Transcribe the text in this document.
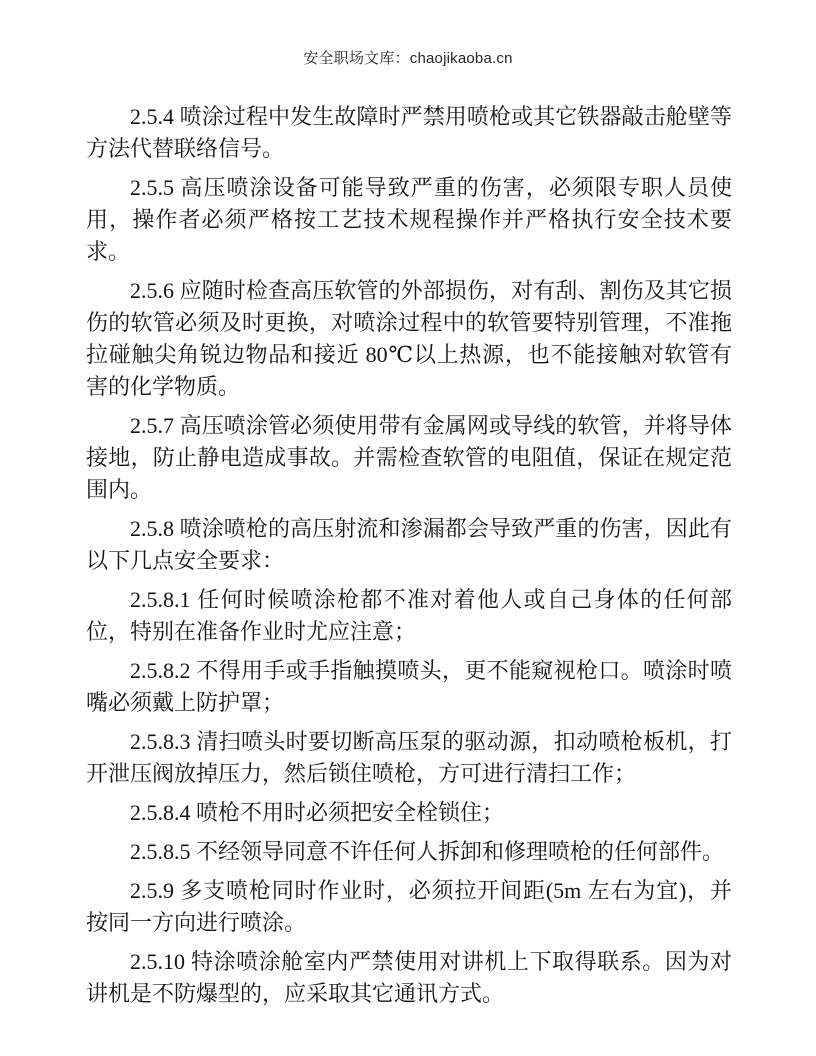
安全职场文库：chaojikaoba.cn

2.5.4 喷涂过程中发生故障时严禁用喷枪或其它铁器敲击舱壁等方法代替联络信号。

2.5.5 高压喷涂设备可能导致严重的伤害，必须限专职人员使用，操作者必须严格按工艺技术规程操作并严格执行安全技术要求。

2.5.6 应随时检查高压软管的外部损伤，对有刮、割伤及其它损伤的软管必须及时更换，对喷涂过程中的软管要特别管理，不准拖拉碰触尖角锐边物品和接近 80℃以上热源，也不能接触对软管有害的化学物质。

2.5.7 高压喷涂管必须使用带有金属网或导线的软管，并将导体接地，防止静电造成事故。并需检查软管的电阻值，保证在规定范围内。

2.5.8 喷涂喷枪的高压射流和渗漏都会导致严重的伤害，因此有以下几点安全要求：

2.5.8.1 任何时候喷涂枪都不准对着他人或自己身体的任何部位，特别在准备作业时尤应注意；

2.5.8.2 不得用手或手指触摸喷头，更不能窥视枪口。喷涂时喷嘴必须戴上防护罩；

2.5.8.3 清扫喷头时要切断高压泵的驱动源，扣动喷枪板机，打开泄压阀放掉压力，然后锁住喷枪，方可进行清扫工作；

2.5.8.4 喷枪不用时必须把安全栓锁住；

2.5.8.5 不经领导同意不许任何人拆卸和修理喷枪的任何部件。

2.5.9 多支喷枪同时作业时，必须拉开间距(5m 左右为宜)，并按同一方向进行喷涂。

2.5.10 特涂喷涂舱室内严禁使用对讲机上下取得联系。因为对讲机是不防爆型的，应采取其它通讯方式。
